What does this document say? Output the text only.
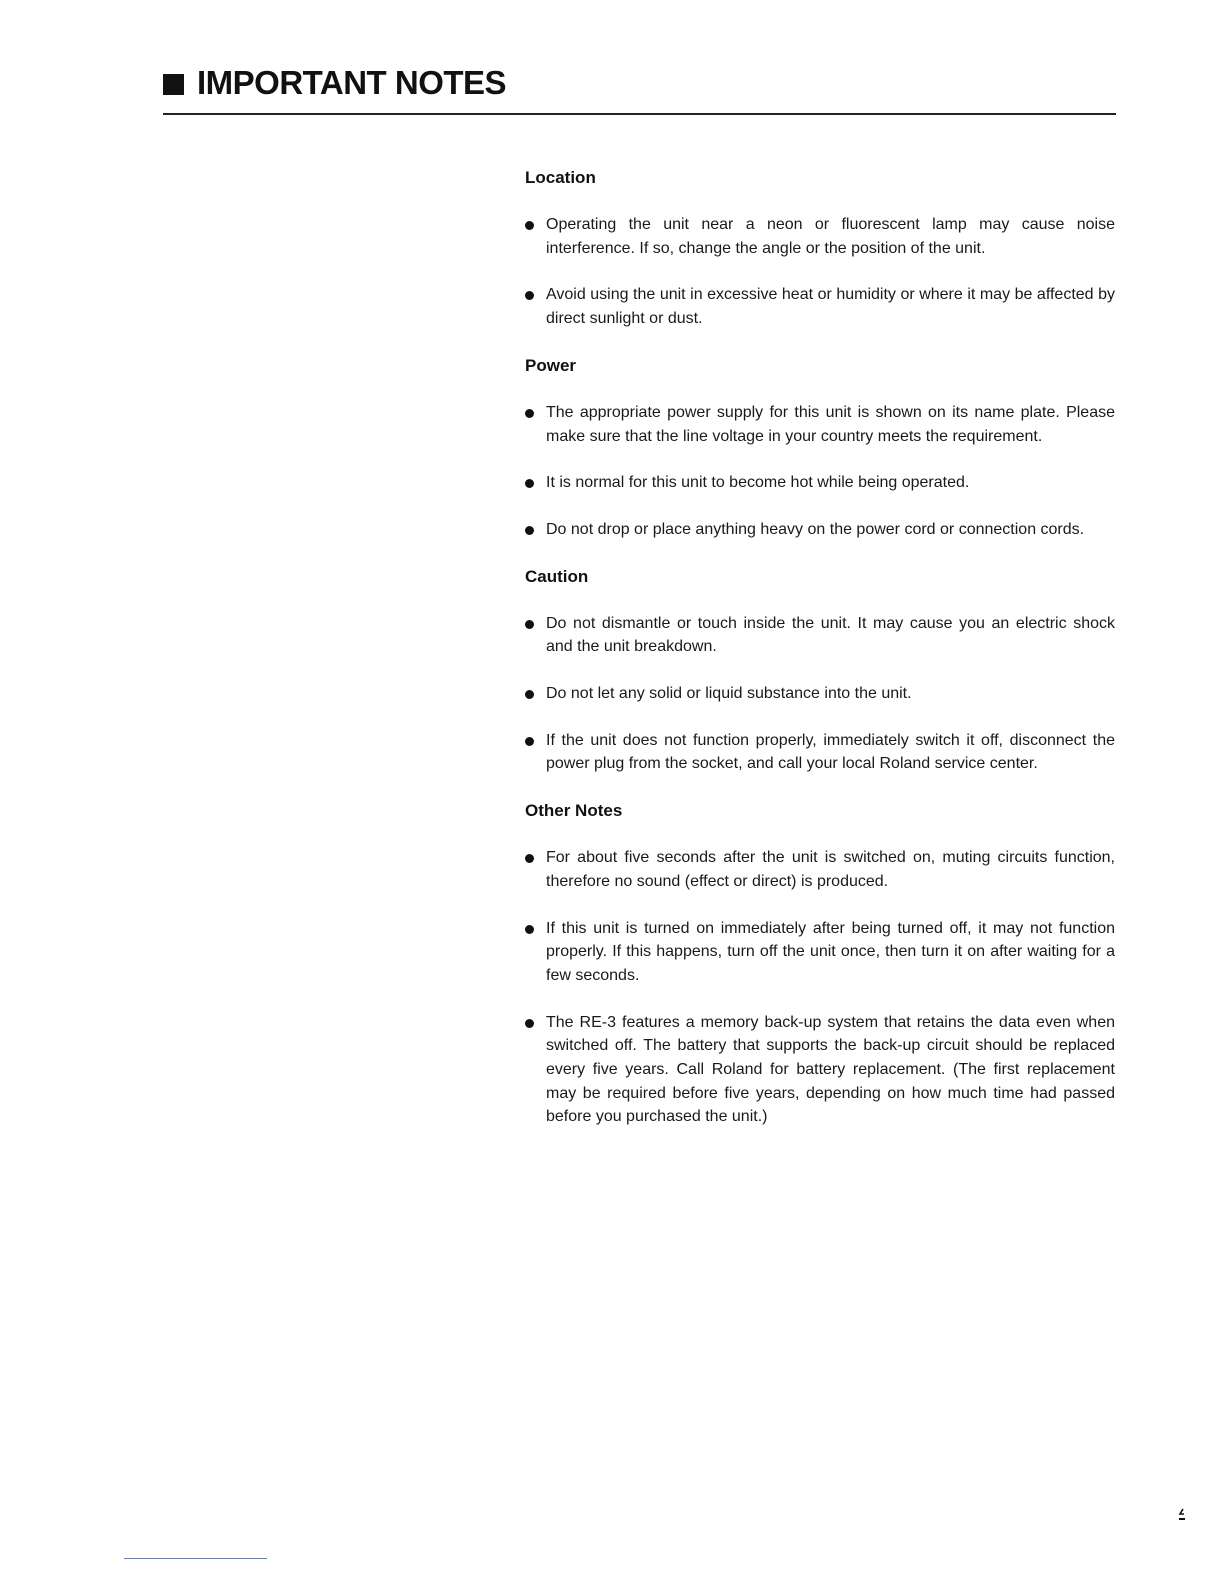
IMPORTANT NOTES
Location
Operating the unit near a neon or fluorescent lamp may cause noise interference. If so, change the angle or the position of the unit.
Avoid using the unit in excessive heat or humidity or where it may be affected by direct sunlight or dust.
Power
The appropriate power supply for this unit is shown on its name plate. Please make sure that the line voltage in your country meets the requirement.
It is normal for this unit to become hot while being operated.
Do not drop or place anything heavy on the power cord or connection cords.
Caution
Do not dismantle or touch inside the unit. It may cause you an electric shock and the unit breakdown.
Do not let any solid or liquid substance into the unit.
If the unit does not function properly, immediately switch it off, disconnect the power plug from the socket, and call your local Roland service center.
Other Notes
For about five seconds after the unit is switched on, muting circuits function, therefore no sound (effect or direct) is produced.
If this unit is turned on immediately after being turned off, it may not function properly. If this happens, turn off the unit once, then turn it on after waiting for a few seconds.
The RE-3 features a memory back-up system that retains the data even when switched off. The battery that supports the back-up circuit should be replaced every five years. Call Roland for battery replacement. (The first replacement may be required before five years, depending on how much time had passed before you purchased the unit.)
